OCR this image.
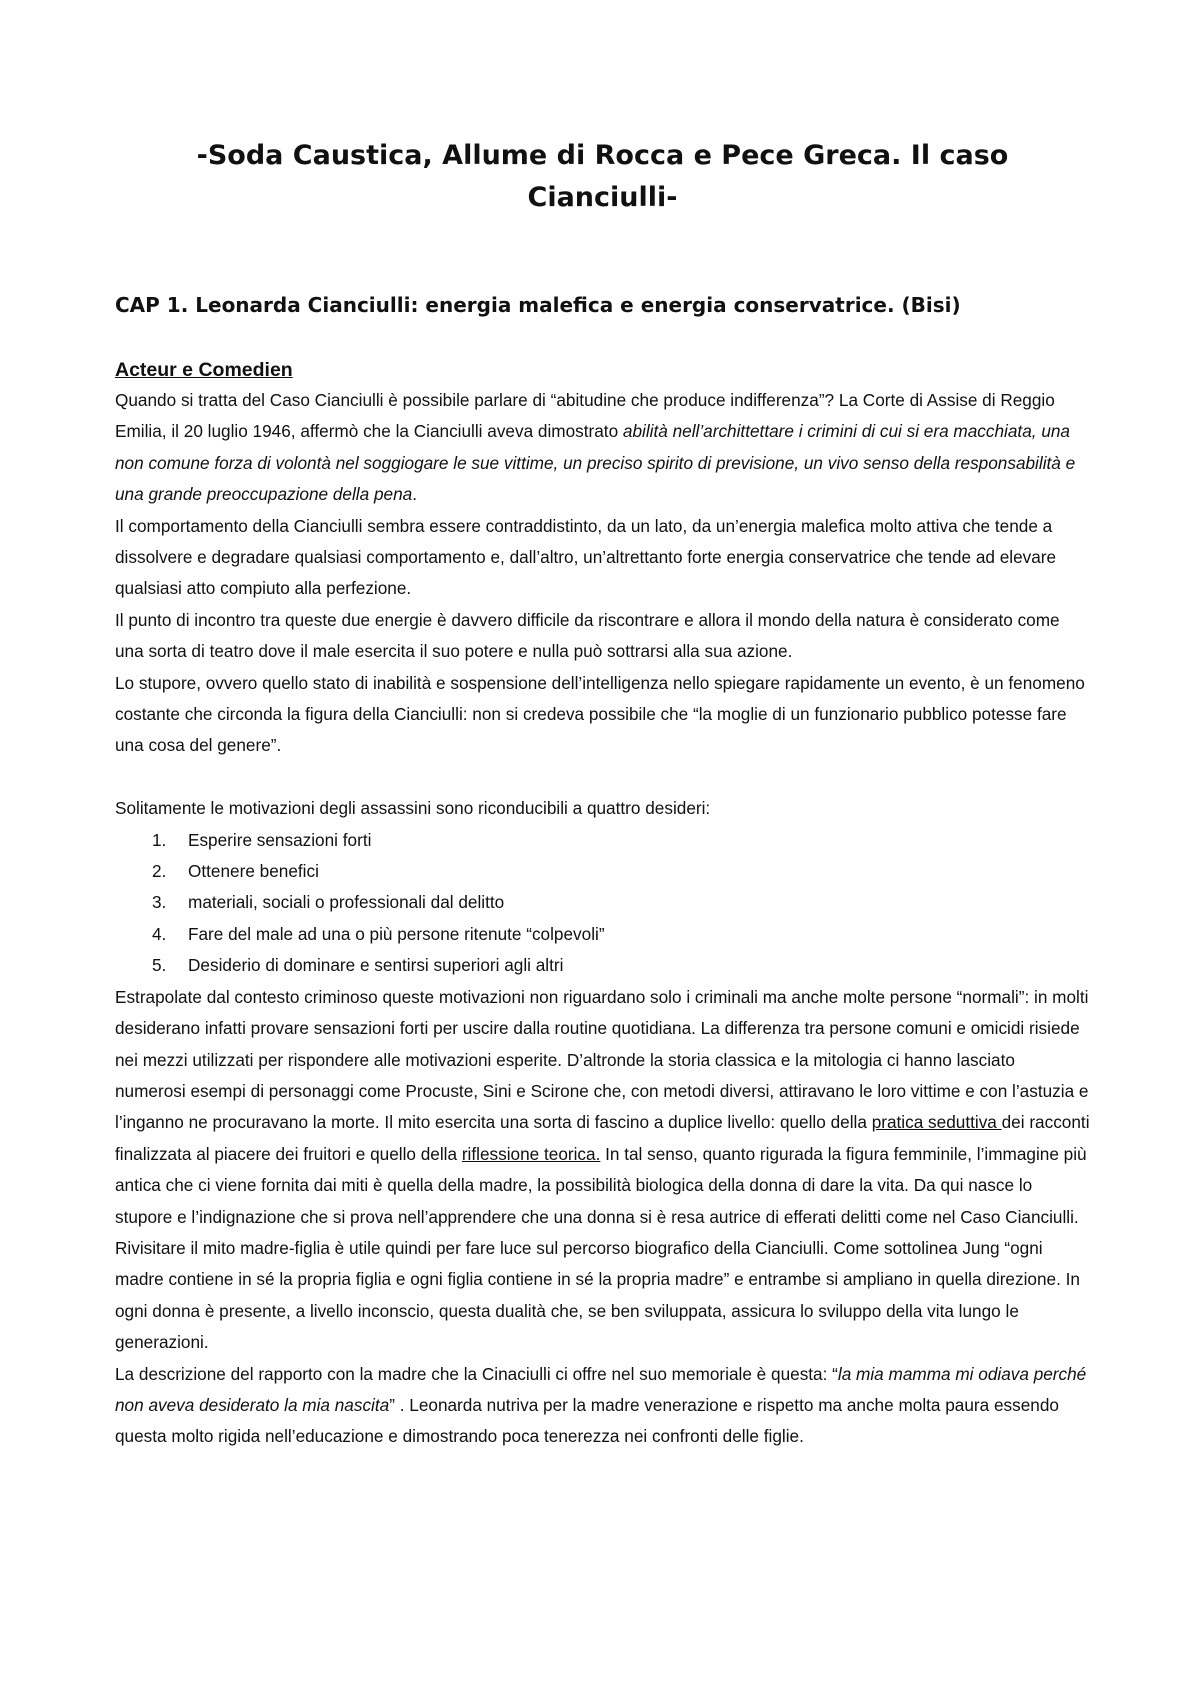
-Soda Caustica, Allume di Rocca e Pece Greca. Il caso Cianciulli-
CAP 1. Leonarda Cianciulli: energia malefica e energia conservatrice. (Bisi)
Acteur e Comedien

Quando si tratta del Caso Cianciulli è possibile parlare di “abitudine che produce indifferenza”? La Corte di Assise di Reggio Emilia, il 20 luglio 1946, affermò che la Cianciulli aveva dimostrato abilità nell’archittettare i crimini di cui si era macchiata, una non comune forza di volontà nel soggiogare le sue vittime, un preciso spirito di previsione, un vivo senso della responsabilità e una grande preoccupazione della pena.

Il comportamento della Cianciulli sembra essere contraddistinto, da un lato, da un’energia malefica molto attiva che tende a dissolvere e degradare qualsiasi comportamento e, dall’altro, un’altrettanto forte energia conservatrice che tende ad elevare qualsiasi atto compiuto alla perfezione.

Il punto di incontro tra queste due energie è davvero difficile da riscontrare e allora il mondo della natura è considerato come una sorta di teatro dove il male esercita il suo potere e nulla può sottrarsi alla sua azione.

Lo stupore, ovvero quello stato di inabilità e sospensione dell’intelligenza nello spiegare rapidamente un evento, è un fenomeno costante che circonda la figura della Cianciulli: non si credeva possibile che “la moglie di un funzionario pubblico potesse fare una cosa del genere”.

Solitamente le motivazioni degli assassini sono riconducibili a quattro desideri:

1. Esperire sensazioni forti
2. Ottenere benefici
3. materiali, sociali o professionali dal delitto
4. Fare del male ad una o più persone ritenute “colpevoli”
5. Desiderio di dominare e sentirsi superiori agli altri

Estrapolate dal contesto criminoso queste motivazioni non riguardano solo i criminali ma anche molte persone “normali”: in molti desiderano infatti provare sensazioni forti per uscire dalla routine quotidiana. La differenza tra persone comuni e omicidi risiede nei mezzi utilizzati per rispondere alle motivazioni esperite. D’altronde la storia classica e la mitologia ci hanno lasciato numerosi esempi di personaggi come Procuste, Sini e Scirone che, con metodi diversi, attiravano le loro vittime e con l’astuzia e l’inganno ne procuravano la morte. Il mito esercita una sorta di fascino a duplice livello: quello della pratica seduttiva dei racconti finalizzata al piacere dei fruitori e quello della riflessione teorica. In tal senso, quanto rigurada la figura femminile, l’immagine più antica che ci viene fornita dai miti è quella della madre, la possibilità biologica della donna di dare la vita. Da qui nasce lo stupore e l’indignazione che si prova nell’apprendere che una donna si è resa autrice di efferati delitti come nel Caso Cianciulli.

Rivisitare il mito madre-figlia è utile quindi per fare luce sul percorso biografico della Cianciulli. Come sottolinea Jung “ogni madre contiene in sé la propria figlia e ogni figlia contiene in sé la propria madre” e entrambe si ampliano in quella direzione. In ogni donna è presente, a livello inconscio, questa dualità che, se ben sviluppata, assicura lo sviluppo della vita lungo le generazioni.

La descrizione del rapporto con la madre che la Cinaciulli ci offre nel suo memoriale è questa: “la mia mamma mi odiava perché non aveva desiderato la mia nascita” . Leonarda nutriva per la madre venerazione e rispetto ma anche molta paura essendo questa molto rigida nell’educazione e dimostrando poca tenerezza nei confronti delle figlie.
